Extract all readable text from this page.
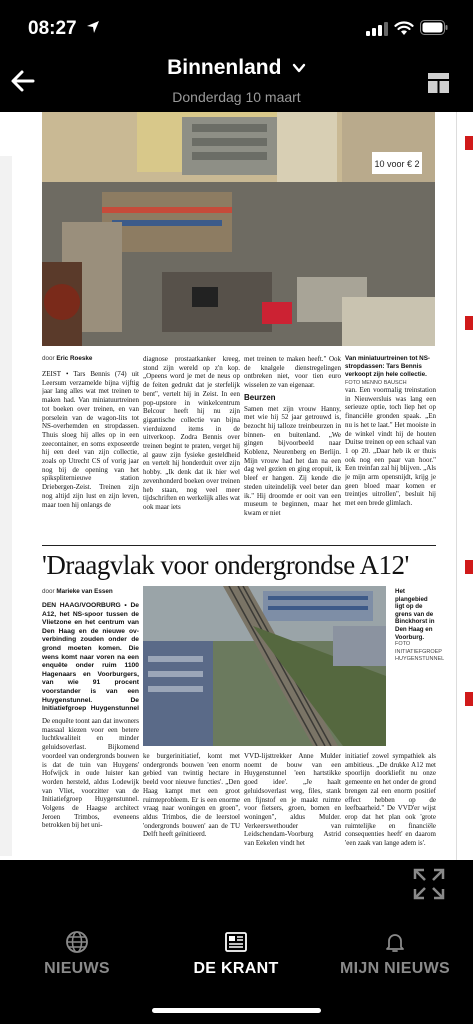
08:27
Binnenland
Donderdag 10 maart
10 voor € 2
door Eric Roeske
ZEIST • Tars Bennis (74) uit Leersum verzamelde bijna vijftig jaar lang alles wat met treinen te maken had. Van miniatuurtreinen tot boeken over treinen, en van porselein van de wagon-lits tot NS-overhemden en stropdassen. Thuis sloeg hij alles op in een zeecontainer, en soms exposeerde hij een deel van zijn collectie, zoals op Utrecht CS of vorig jaar nog bij de opening van het spikspliternieuwe station Driebergen-Zeist. Treinen zijn nog altijd zijn lust en zijn leven, maar toen hij onlangs de
diagnose prostaatkanker kreeg, stond zijn wereld op z'n kop. „Opeens word je met de neus op de feiten gedrukt dat je sterfelijk bent", vertelt hij in Zeist. In een pop-upstore in winkelcentrum Belcour heeft hij nu zijn gigantische collectie van bijna vierduizend items in de uitverkoop. Zodra Bennis over treinen begint te praten, verget hij al gauw zijn fysieke gesteldheid en vertelt hij honderduit over zijn hobby. „Ik denk dat ik hier wel zevenhonderd boeken over treinen heb staan, nog veel meer tijdschriften en werkelijk alles wat ook maar iets
met treinen te maken heeft." Ook de knalgele dienstregelingen ontbreken niet, voor tien euro wisselen ze van eigenaar.
Beurzen
Samen met zijn vrouw Hanny, met wie hij 52 jaar getrouwd is, bezocht hij talloze treinbeurzen in binnen- en buitenland. „We gingen bijvoorbeeld naar Koblenz, Neurenberg en Berlijn. Mijn vrouw had het dan na een dag wel gezien en ging eropuit, ik bleef er hangen. Zij kende die steden uiteindelijk veel beter dan ik." Hij droomde er ooit van een museum te beginnen, maar het kwam er niet
Van miniatuurtreinen tot NS-stropdassen: Tars Bennis verkoopt zijn hele collectie.
FOTO MENNO BAUSCH
van. Een voormalig treinstation in Nieuwersluis was lang een serieuze optie, toch liep het op financiële gronden spaak. „En nu is het te laat." Het mooiste in de winkel vindt hij de houten Duitse treinen op een schaal van 1 op 20. „Daar heb ik er thuis ook nog een paar van hoor." Een treinfan zal hij blijven. „Als je mijn arm opensnijdt, krijg je geen bloed maar komen er treintjes uitrollen", besluit hij met een brede glimlach.
'Draagvlak voor ondergrondse A12'
door Marieke van Essen
DEN HAAG/VOORBURG • De A12, het NS-spoor tussen de Vlietzone en het centrum van Den Haag en de nieuwe ov-verbinding zouden onder de grond moeten komen. Die wens komt naar voren na een enquête onder ruim 1100 Hagenaars en Voorburgers, van wie 91 procent voorstander is van een Huygenstunnel. De Initiatiefgroep Huygenstunnel
De enquête toont aan dat inwoners massaal kiezen voor een betere luchtkwaliteit en minder geluidsoverlast. Bijkomend voordeel van ondergronds bouwen is dat de tuin van Huygens' Hofwijck in oude luister kan worden hersteld, aldus Lodewijk van Vliet, voorzitter van de Initiatiefgroep Huygenstunnel. Volgens de Haagse architect Jeroen Trimbos, eveneens betrokken bij het uni-
Het plangebied ligt op de grens van de Binckhorst in Den Haag en Voorburg.
FOTO INITIATIEFGROEP HUYGENSTUNNEL
ke burgerinitiatief, komt met ondergronds bouwen 'een enorm gebied van twintig hectare in beeld voor nieuwe functies'. „Den Haag kampt met een groot ruimteprobleem. Er is een enorme vraag naar woningen en groen", aldus Trimbos, die de leerstoel 'ondergronds bouwen' aan de TU Delft heeft geïnitieerd.
VVD-lijsttrekker Anne Mulder noemt de bouw van een Huygenstunnel 'een hartstikke goed idee'. „Je haalt geluidsoverlast weg, files, stank en fijnstof en je maakt ruimte voor fietsers, groen, bomen en woningen", aldus Mulder. Verkeerswethouder van Leidschendam-Voorburg Astrid van Eekelen vindt het
initiatief zowel sympathiek als ambitieus. „De drukke A12 met spoorlijn doorkliefit nu onze gemeente en het onder de grond brengen zal een enorm positief effect hebben op de leefbaarheid." De VVD'er wijst erop dat het plan ook 'grote ruimtelijke en financiële consequenties heeft' en daarom 'een zaak van lange adem is'.
NIEUWS	DE KRANT	MIJN NIEUWS
